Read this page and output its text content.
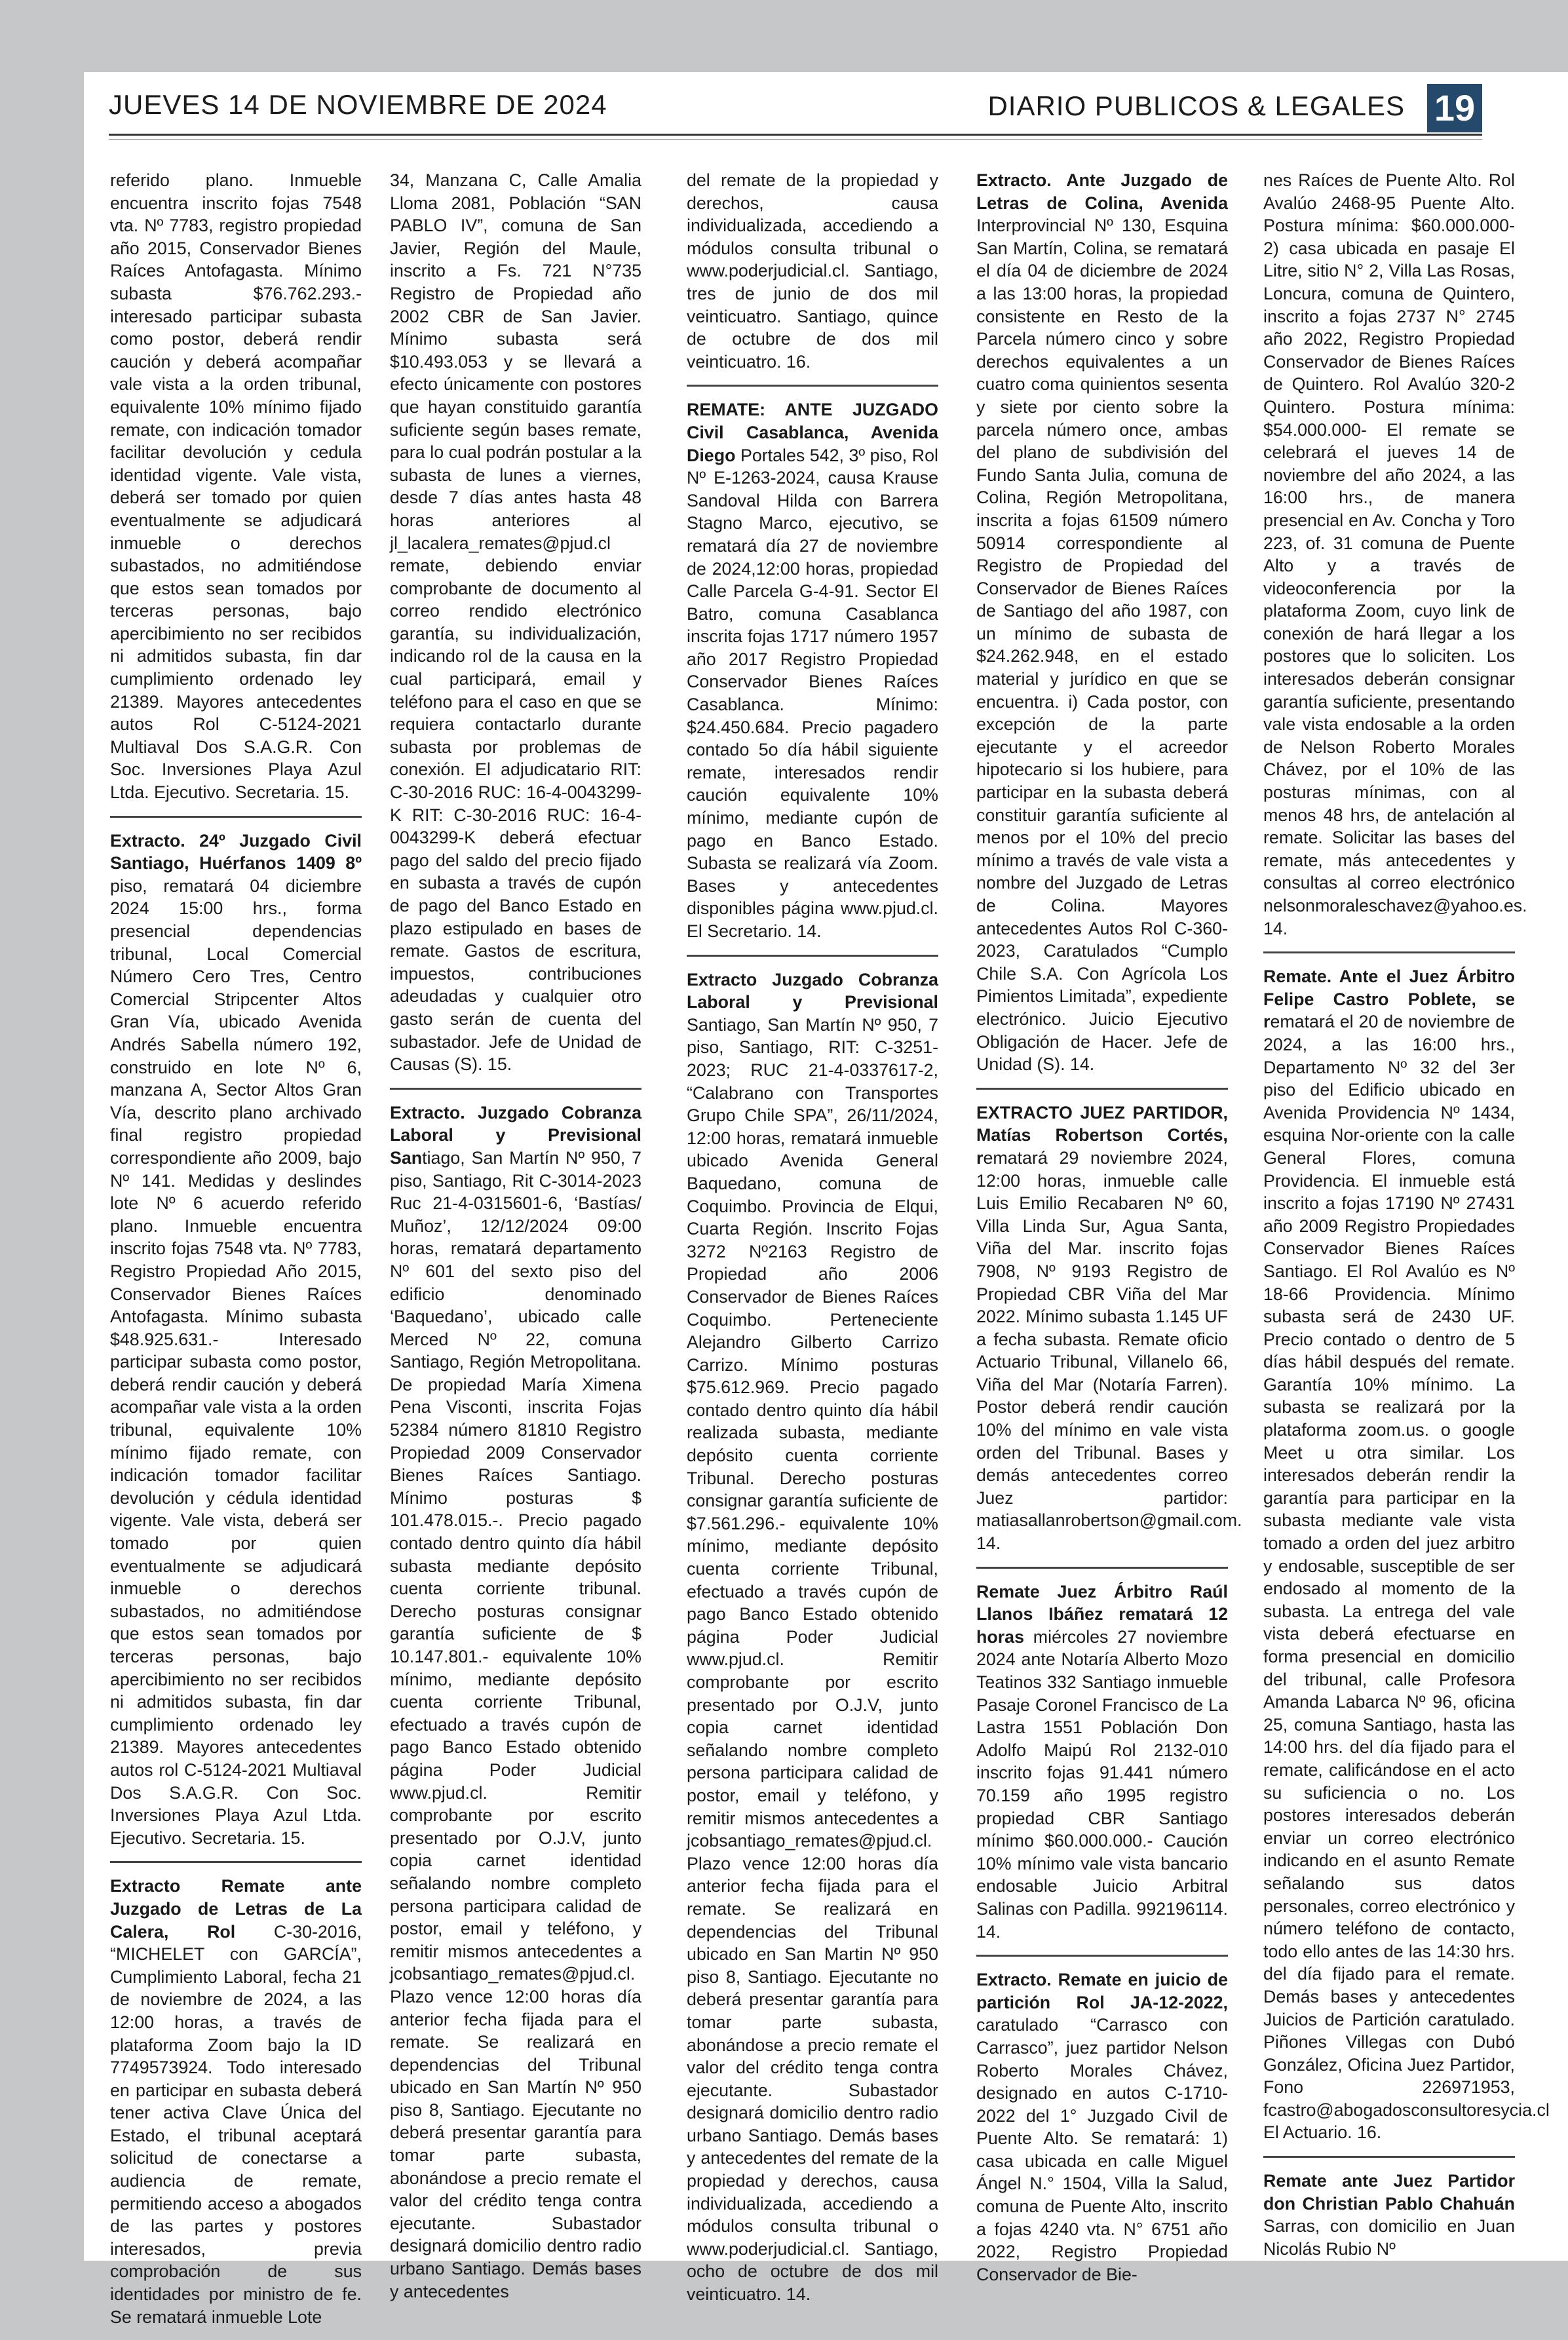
JUEVES 14 DE NOVIEMBRE DE 2024	DIARIO PUBLICOS & LEGALES 19

referido plano. Inmueble encuentra inscrito fojas 7548 vta. Nº 7783, registro propiedad año 2015, Conservador Bienes Raíces Antofagasta. Mínimo subasta $76.762.293.- interesado participar subasta como postor, deberá rendir caución y deberá acompañar vale vista a la orden tribunal, equivalente 10% mínimo fijado remate, con indicación tomador facilitar devolución y cedula identidad vigente. Vale vista, deberá ser tomado por quien eventualmente se adjudicará inmueble o derechos subastados, no admitiéndose que estos sean tomados por terceras personas, bajo apercibimiento no ser recibidos ni admitidos subasta, fin dar cumplimiento ordenado ley 21389. Mayores antecedentes autos Rol C-5124-2021 Multiaval Dos S.A.G.R. Con Soc. Inversiones Playa Azul Ltda. Ejecutivo. Secretaria. 15.

Extracto. 24º Juzgado Civil Santiago, Huérfanos 1409 8º piso, rematará 04 diciembre 2024 15:00 hrs., forma presencial dependencias tribunal, Local Comercial Número Cero Tres, Centro Comercial Stripcenter Altos Gran Vía, ubicado Avenida Andrés Sabella número 192, construido en lote Nº 6, manzana A, Sector Altos Gran Vía, descrito plano archivado final registro propiedad correspondiente año 2009, bajo Nº 141. Medidas y deslindes lote Nº 6 acuerdo referido plano. Inmueble encuentra inscrito fojas 7548 vta. Nº 7783, Registro Propiedad Año 2015, Conservador Bienes Raíces Antofagasta. Mínimo subasta $48.925.631.- Interesado participar subasta como postor, deberá rendir caución y deberá acompañar vale vista a la orden tribunal, equivalente 10% mínimo fijado remate, con indicación tomador facilitar devolución y cédula identidad vigente. Vale vista, deberá ser tomado por quien eventualmente se adjudicará inmueble o derechos subastados, no admitiéndose que estos sean tomados por terceras personas, bajo apercibimiento no ser recibidos ni admitidos subasta, fin dar cumplimiento ordenado ley 21389. Mayores antecedentes autos rol C-5124-2021 Multiaval Dos S.A.G.R. Con Soc. Inversiones Playa Azul Ltda. Ejecutivo. Secretaria. 15.

Extracto Remate ante Juzgado de Letras de La Calera, Rol C-30-2016, “MICHELET con GARCÍA”, Cumplimiento Laboral, fecha 21 de noviembre de 2024, a las 12:00 horas, a través de plataforma Zoom bajo la ID 7749573924. Todo interesado en participar en subasta deberá tener activa Clave Única del Estado, el tribunal aceptará solicitud de conectarse a audiencia de remate, permitiendo acceso a abogados de las partes y postores interesados, previa comprobación de sus identidades por ministro de fe. Se rematará inmueble Lote

34, Manzana C, Calle Amalia Lloma 2081, Población “SAN PABLO IV”, comuna de San Javier, Región del Maule, inscrito a Fs. 721 N°735 Registro de Propiedad año 2002 CBR de San Javier. Mínimo subasta será $10.493.053 y se llevará a efecto únicamente con postores que hayan constituido garantía suficiente según bases remate, para lo cual podrán postular a la subasta de lunes a viernes, desde 7 días antes hasta 48 horas anteriores al jl_lacalera_remates@pjud.cl remate, debiendo enviar comprobante de documento al correo rendido electrónico garantía, su individualización, indicando rol de la causa en la cual participará, email y teléfono para el caso en que se requiera contactarlo durante subasta por problemas de conexión. El adjudicatario RIT: C-30-2016 RUC: 16-4-0043299-K RIT: C-30-2016 RUC: 16-4-0043299-K deberá efectuar pago del saldo del precio fijado en subasta a través de cupón de pago del Banco Estado en plazo estipulado en bases de remate. Gastos de escritura, impuestos, contribuciones adeudadas y cualquier otro gasto serán de cuenta del subastador. Jefe de Unidad de Causas (S). 15.

Extracto. Juzgado Cobranza Laboral y Previsional Santiago, San Martín Nº 950, 7 piso, Santiago, Rit C-3014-2023 Ruc 21-4-0315601-6, ‘Bastías/ Muñoz’, 12/12/2024 09:00 horas, rematará departamento Nº 601 del sexto piso del edificio denominado ‘Baquedano’, ubicado calle Merced Nº 22, comuna Santiago, Región Metropolitana. De propiedad María Ximena Pena Visconti, inscrita Fojas 52384 número 81810 Registro Propiedad 2009 Conservador Bienes Raíces Santiago. Mínimo posturas $ 101.478.015.-. Precio pagado contado dentro quinto día hábil subasta mediante depósito cuenta corriente tribunal. Derecho posturas consignar garantía suficiente de $ 10.147.801.- equivalente 10% mínimo, mediante depósito cuenta corriente Tribunal, efectuado a través cupón de pago Banco Estado obtenido página Poder Judicial www.pjud.cl. Remitir comprobante por escrito presentado por O.J.V, junto copia carnet identidad señalando nombre completo persona participara calidad de postor, email y teléfono, y remitir mismos antecedentes a jcobsantiago_remates@pjud.cl. Plazo vence 12:00 horas día anterior fecha fijada para el remate. Se realizará en dependencias del Tribunal ubicado en San Martín Nº 950 piso 8, Santiago. Ejecutante no deberá presentar garantía para tomar parte subasta, abonándose a precio remate el valor del crédito tenga contra ejecutante. Subastador designará domicilio dentro radio urbano Santiago. Demás bases y antecedentes

del remate de la propiedad y derechos, causa individualizada, accediendo a módulos consulta tribunal o www.poderjudicial.cl. Santiago, tres de junio de dos mil veinticuatro. Santiago, quince de octubre de dos mil veinticuatro. 16.

REMATE: ANTE JUZGADO Civil Casablanca, Avenida Diego Portales 542, 3º piso, Rol Nº E-1263-2024, causa Krause Sandoval Hilda con Barrera Stagno Marco, ejecutivo, se rematará día 27 de noviembre de 2024,12:00 horas, propiedad Calle Parcela G-4-91. Sector El Batro, comuna Casablanca inscrita fojas 1717 número 1957 año 2017 Registro Propiedad Conservador Bienes Raíces Casablanca. Mínimo: $24.450.684. Precio pagadero contado 5o día hábil siguiente remate, interesados rendir caución equivalente 10% mínimo, mediante cupón de pago en Banco Estado. Subasta se realizará vía Zoom. Bases y antecedentes disponibles página www.pjud.cl. El Secretario. 14.

Extracto Juzgado Cobranza Laboral y Previsional Santiago, San Martín Nº 950, 7 piso, Santiago, RIT: C-3251-2023; RUC 21-4-0337617-2, “Calabrano con Transportes Grupo Chile SPA”, 26/11/2024, 12:00 horas, rematará inmueble ubicado Avenida General Baquedano, comuna de Coquimbo. Provincia de Elqui, Cuarta Región. Inscrito Fojas 3272 Nº2163 Registro de Propiedad año 2006 Conservador de Bienes Raíces Coquimbo. Perteneciente Alejandro Gilberto Carrizo Carrizo. Mínimo posturas $75.612.969. Precio pagado contado dentro quinto día hábil realizada subasta, mediante depósito cuenta corriente Tribunal. Derecho posturas consignar garantía suficiente de $7.561.296.- equivalente 10% mínimo, mediante depósito cuenta corriente Tribunal, efectuado a través cupón de pago Banco Estado obtenido página Poder Judicial www.pjud.cl. Remitir comprobante por escrito presentado por O.J.V, junto copia carnet identidad señalando nombre completo persona participara calidad de postor, email y teléfono, y remitir mismos antecedentes a jcobsantiago_remates@pjud.cl. Plazo vence 12:00 horas día anterior fecha fijada para el remate. Se realizará en dependencias del Tribunal ubicado en San Martin Nº 950 piso 8, Santiago. Ejecutante no deberá presentar garantía para tomar parte subasta, abonándose a precio remate el valor del crédito tenga contra ejecutante. Subastador designará domicilio dentro radio urbano Santiago. Demás bases y antecedentes del remate de la propiedad y derechos, causa individualizada, accediendo a módulos consulta tribunal o www.poderjudicial.cl. Santiago, ocho de octubre de dos mil veinticuatro. 14.

Extracto. Ante Juzgado de Letras de Colina, Avenida Interprovincial Nº 130, Esquina San Martín, Colina, se rematará el día 04 de diciembre de 2024 a las 13:00 horas, la propiedad consistente en Resto de la Parcela número cinco y sobre derechos equivalentes a un cuatro coma quinientos sesenta y siete por ciento sobre la parcela número once, ambas del plano de subdivisión del Fundo Santa Julia, comuna de Colina, Región Metropolitana, inscrita a fojas 61509 número 50914 correspondiente al Registro de Propiedad del Conservador de Bienes Raíces de Santiago del año 1987, con un mínimo de subasta de $24.262.948, en el estado material y jurídico en que se encuentra. i) Cada postor, con excepción de la parte ejecutante y el acreedor hipotecario si los hubiere, para participar en la subasta deberá constituir garantía suficiente al menos por el 10% del precio mínimo a través de vale vista a nombre del Juzgado de Letras de Colina. Mayores antecedentes Autos Rol C-360-2023, Caratulados “Cumplo Chile S.A. Con Agrícola Los Pimientos Limitada”, expediente electrónico. Juicio Ejecutivo Obligación de Hacer. Jefe de Unidad (S). 14.

EXTRACTO JUEZ PARTIDOR, Matías Robertson Cortés, rematará 29 noviembre 2024, 12:00 horas, inmueble calle Luis Emilio Recabaren Nº 60, Villa Linda Sur, Agua Santa, Viña del Mar. inscrito fojas 7908, Nº 9193 Registro de Propiedad CBR Viña del Mar 2022. Mínimo subasta 1.145 UF a fecha subasta. Remate oficio Actuario Tribunal, Villanelo 66, Viña del Mar (Notaría Farren). Postor deberá rendir caución 10% del mínimo en vale vista orden del Tribunal. Bases y demás antecedentes correo Juez partidor: matiasallanrobertson@gmail.com. 14.

Remate Juez Árbitro Raúl Llanos Ibáñez rematará 12 horas miércoles 27 noviembre 2024 ante Notaría Alberto Mozo Teatinos 332 Santiago inmueble Pasaje Coronel Francisco de La Lastra 1551 Población Don Adolfo Maipú Rol 2132-010 inscrito fojas 91.441 número 70.159 año 1995 registro propiedad CBR Santiago mínimo $60.000.000.- Caución 10% mínimo vale vista bancario endosable Juicio Arbitral Salinas con Padilla. 992196114. 14.

Extracto. Remate en juicio de partición Rol JA-12-2022, caratulado “Carrasco con Carrasco”, juez partidor Nelson Roberto Morales Chávez, designado en autos C-1710-2022 del 1° Juzgado Civil de Puente Alto. Se rematará: 1) casa ubicada en calle Miguel Ángel N.° 1504, Villa la Salud, comuna de Puente Alto, inscrito a fojas 4240 vta. N° 6751 año 2022, Registro Propiedad Conservador de Bie-

nes Raíces de Puente Alto. Rol Avalúo 2468-95 Puente Alto. Postura mínima: $60.000.000- 2) casa ubicada en pasaje El Litre, sitio N° 2, Villa Las Rosas, Loncura, comuna de Quintero, inscrito a fojas 2737 N° 2745 año 2022, Registro Propiedad Conservador de Bienes Raíces de Quintero. Rol Avalúo 320-2 Quintero. Postura mínima: $54.000.000- El remate se celebrará el jueves 14 de noviembre del año 2024, a las 16:00 hrs., de manera presencial en Av. Concha y Toro 223, of. 31 comuna de Puente Alto y a través de videoconferencia por la plataforma Zoom, cuyo link de conexión de hará llegar a los postores que lo soliciten. Los interesados deberán consignar garantía suficiente, presentando vale vista endosable a la orden de Nelson Roberto Morales Chávez, por el 10% de las posturas mínimas, con al menos 48 hrs, de antelación al remate. Solicitar las bases del remate, más antecedentes y consultas al correo electrónico nelsonmoraleschavez@yahoo.es. 14.

Remate. Ante el Juez Árbitro Felipe Castro Poblete, se rematará el 20 de noviembre de 2024, a las 16:00 hrs., Departamento Nº 32 del 3er piso del Edificio ubicado en Avenida Providencia Nº 1434, esquina Nor-oriente con la calle General Flores, comuna Providencia. El inmueble está inscrito a fojas 17190 Nº 27431 año 2009 Registro Propiedades Conservador Bienes Raíces Santiago. El Rol Avalúo es Nº 18-66 Providencia. Mínimo subasta será de 2430 UF. Precio contado o dentro de 5 días hábil después del remate. Garantía 10% mínimo. La subasta se realizará por la plataforma zoom.us. o google Meet u otra similar. Los interesados deberán rendir la garantía para participar en la subasta mediante vale vista tomado a orden del juez arbitro y endosable, susceptible de ser endosado al momento de la subasta. La entrega del vale vista deberá efectuarse en forma presencial en domicilio del tribunal, calle Profesora Amanda Labarca Nº 96, oficina 25, comuna Santiago, hasta las 14:00 hrs. del día fijado para el remate, calificándose en el acto su suficiencia o no. Los postores interesados deberán enviar un correo electrónico indicando en el asunto Remate señalando sus datos personales, correo electrónico y número teléfono de contacto, todo ello antes de las 14:30 hrs. del día fijado para el remate. Demás bases y antecedentes Juicios de Partición caratulado. Piñones Villegas con Dubó González, Oficina Juez Partidor, Fono 226971953, fcastro@abogadosconsultoresycia.cl El Actuario. 16.

Remate ante Juez Partidor don Christian Pablo Chahuán Sarras, con domicilio en Juan Nicolás Rubio Nº
